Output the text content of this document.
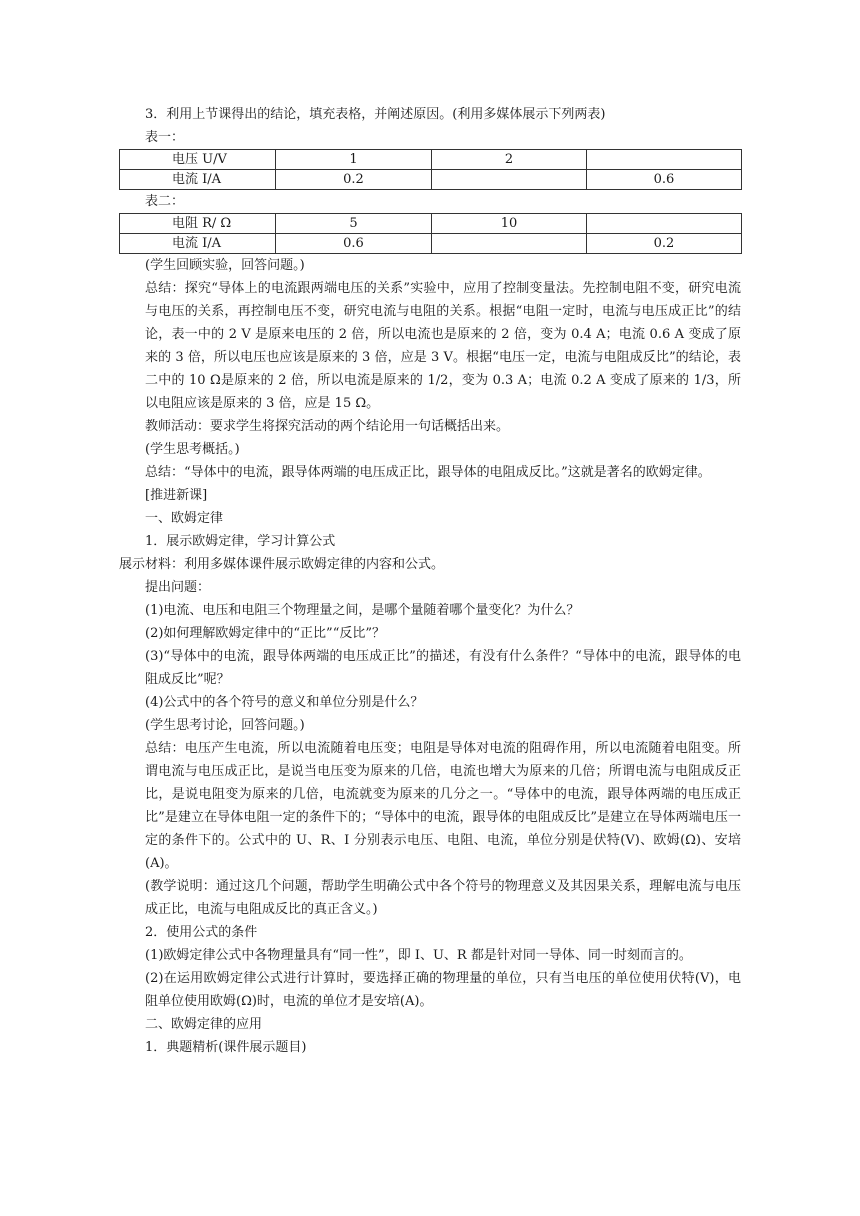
3．利用上节课得出的结论，填充表格，并阐述原因。(利用多媒体展示下列两表)

表一：

电压 U/V	1	2	
电流 I/A	0.2		0.6

表二：

电阻 R/ Ω	5	10	
电流 I/A	0.6		0.2

(学生回顾实验，回答问题。)

总结：探究“导体上的电流跟两端电压的关系”实验中，应用了控制变量法。先控制电阻不变，研究电流与电压的关系，再控制电压不变，研究电流与电阻的关系。根据“电阻一定时，电流与电压成正比”的结论，表一中的 2 V 是原来电压的 2 倍，所以电流也是原来的 2 倍，变为 0.4 A；电流 0.6 A 变成了原来的 3 倍，所以电压也应该是原来的 3 倍，应是 3 V。根据“电压一定，电流与电阻成反比”的结论，表二中的 10 Ω是原来的 2 倍，所以电流是原来的 1/2，变为 0.3 A；电流 0.2 A 变成了原来的 1/3，所以电阻应该是原来的 3 倍，应是 15 Ω。

教师活动：要求学生将探究活动的两个结论用一句话概括出来。

(学生思考概括。)

总结：“导体中的电流，跟导体两端的电压成正比，跟导体的电阻成反比。”这就是著名的欧姆定律。

[推进新课]

一、欧姆定律

1．展示欧姆定律，学习计算公式

展示材料：利用多媒体课件展示欧姆定律的内容和公式。

提出问题：

(1)电流、电压和电阻三个物理量之间，是哪个量随着哪个量变化？为什么？

(2)如何理解欧姆定律中的“正比”“反比”？

(3)“导体中的电流，跟导体两端的电压成正比”的描述，有没有什么条件？“导体中的电流，跟导体的电阻成反比”呢？

(4)公式中的各个符号的意义和单位分别是什么？

(学生思考讨论，回答问题。)

总结：电压产生电流，所以电流随着电压变；电阻是导体对电流的阻碍作用，所以电流随着电阻变。所谓电流与电压成正比，是说当电压变为原来的几倍，电流也增大为原来的几倍；所谓电流与电阻成反正比，是说电阻变为原来的几倍，电流就变为原来的几分之一。“导体中的电流，跟导体两端的电压成正比”是建立在导体电阻一定的条件下的；“导体中的电流，跟导体的电阻成反比”是建立在导体两端电压一定的条件下的。公式中的 U、R、I 分别表示电压、电阻、电流，单位分别是伏特(V)、欧姆(Ω)、安培(A)。

(教学说明：通过这几个问题，帮助学生明确公式中各个符号的物理意义及其因果关系，理解电流与电压成正比，电流与电阻成反比的真正含义。)

2．使用公式的条件

(1)欧姆定律公式中各物理量具有“同一性”，即 I、U、R 都是针对同一导体、同一时刻而言的。

(2)在运用欧姆定律公式进行计算时，要选择正确的物理量的单位，只有当电压的单位使用伏特(V)，电阻单位使用欧姆(Ω)时，电流的单位才是安培(A)。

二、欧姆定律的应用

1．典题精析(课件展示题目)
